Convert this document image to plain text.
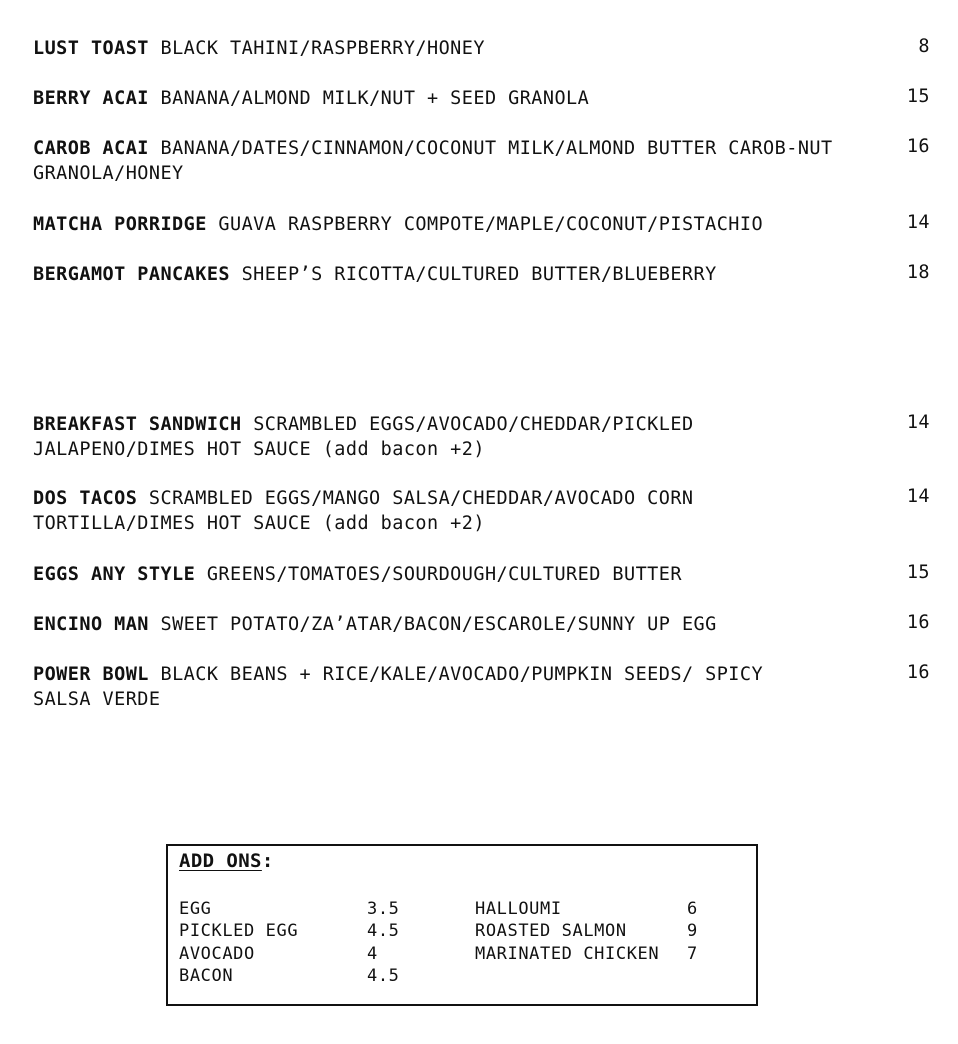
LUST TOAST BLACK TAHINI/RASPBERRY/HONEY	8
BERRY ACAI BANANA/ALMOND MILK/NUT + SEED GRANOLA	15
CAROB ACAI BANANA/DATES/CINNAMON/COCONUT MILK/ALMOND BUTTER CAROB-NUT GRANOLA/HONEY
16
MATCHA PORRIDGE GUAVA RASPBERRY COMPOTE/MAPLE/COCONUT/PISTACHIO	14
BERGAMOT PANCAKES SHEEP’S RICOTTA/CULTURED BUTTER/BLUEBERRY	18
BREAKFAST SANDWICH SCRAMBLED EGGS/AVOCADO/CHEDDAR/PICKLED JALAPENO/DIMES HOT SAUCE (add bacon +2)
14
DOS TACOS SCRAMBLED EGGS/MANGO SALSA/CHEDDAR/AVOCADO CORN TORTILLA/DIMES HOT SAUCE (add bacon +2)
14
EGGS ANY STYLE GREENS/TOMATOES/SOURDOUGH/CULTURED BUTTER	15
ENCINO MAN SWEET POTATO/ZA’ATAR/BACON/ESCAROLE/SUNNY UP EGG	16
POWER BOWL BLACK BEANS + RICE/KALE/AVOCADO/PUMPKIN SEEDS/ SPICY SALSA VERDE
16
ADD ONS:
EGG	3.5
PICKLED EGG	4.5
AVOCADO	4
BACON	4.5
HALLOUMI	6
ROASTED SALMON	9
MARINATED CHICKEN 7
